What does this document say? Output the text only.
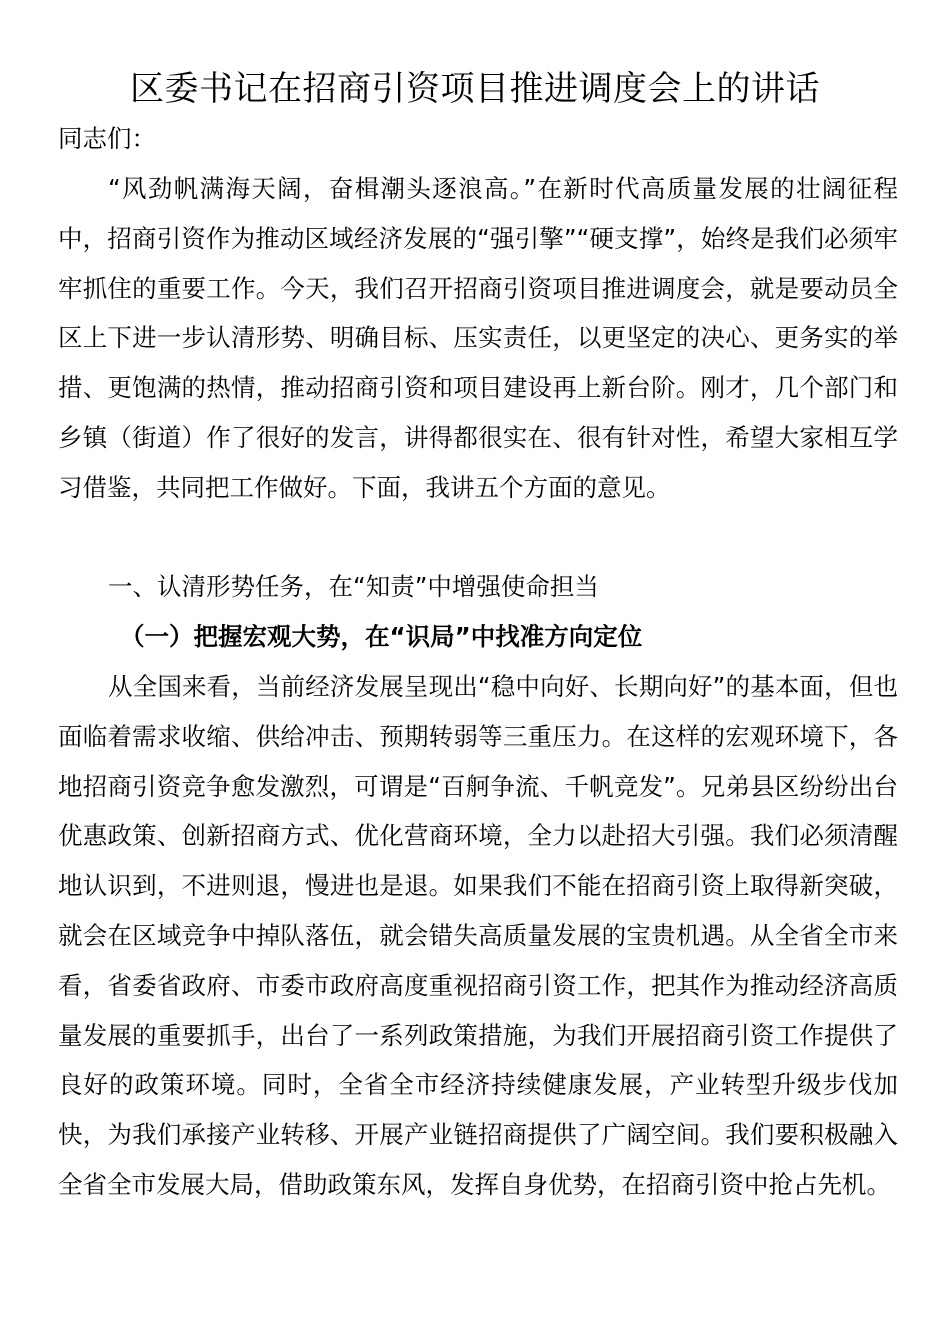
区委书记在招商引资项目推进调度会上的讲话
同志们：
“风劲帆满海天阔，奋楫潮头逐浪高。”在新时代高质量发展的壮阔征程中，招商引资作为推动区域经济发展的“强引擎”“硬支撑”，始终是我们必须牢牢抓住的重要工作。今天，我们召开招商引资项目推进调度会，就是要动员全区上下进一步认清形势、明确目标、压实责任，以更坚定的决心、更务实的举措、更饱满的热情，推动招商引资和项目建设再上新台阶。刚才，几个部门和乡镇（街道）作了很好的发言，讲得都很实在、很有针对性，希望大家相互学习借鉴，共同把工作做好。下面，我讲五个方面的意见。
一、认清形势任务，在“知责”中增强使命担当
（一）把握宏观大势，在“识局”中找准方向定位
从全国来看，当前经济发展呈现出“稳中向好、长期向好”的基本面，但也面临着需求收缩、供给冲击、预期转弱等三重压力。在这样的宏观环境下，各地招商引资竞争愈发激烈，可谓是“百舸争流、千帆竞发”。兄弟县区纷纷出台优惠政策、创新招商方式、优化营商环境，全力以赴招大引强。我们必须清醒地认识到，不进则退，慢进也是退。如果我们不能在招商引资上取得新突破，就会在区域竞争中掉队落伍，就会错失高质量发展的宝贵机遇。从全省全市来看，省委省政府、市委市政府高度重视招商引资工作，把其作为推动经济高质量发展的重要抓手，出台了一系列政策措施，为我们开展招商引资工作提供了良好的政策环境。同时，全省全市经济持续健康发展，产业转型升级步伐加快，为我们承接产业转移、开展产业链招商提供了广阔空间。我们要积极融入全省全市发展大局，借助政策东风，发挥自身优势，在招商引资中抢占先机。
